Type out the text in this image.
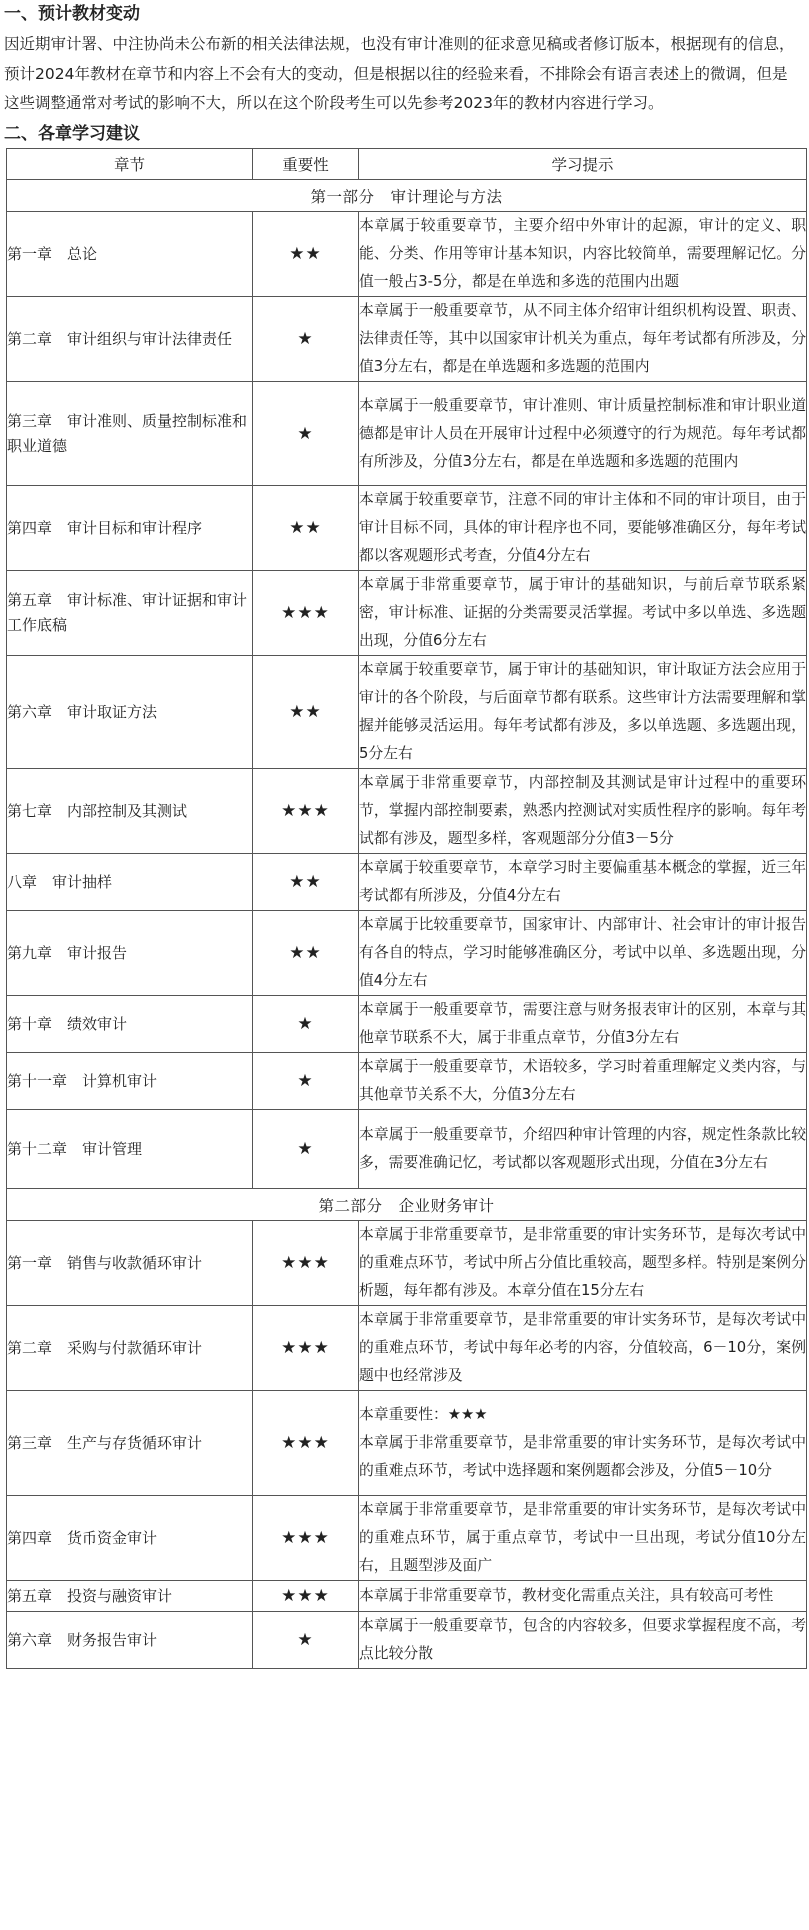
一、预计教材变动

因近期审计署、中注协尚未公布新的相关法律法规，也没有审计准则的征求意见稿或者修订版本，根据现有的信息，预计2024年教材在章节和内容上不会有大的变动，但是根据以往的经验来看，不排除会有语言表述上的微调，但是这些调整通常对考试的影响不大，所以在这个阶段考生可以先参考2023年的教材内容进行学习。

二、各章学习建议
章节	重要性	学习提示
第一部分　审计理论与方法		
第一章　总论	★★	本章属于较重要章节，主要介绍中外审计的起源，审计的定义、职能、分类、作用等审计基本知识，内容比较简单，需要理解记忆。分值一般占3-5分，都是在单选和多选的范围内出题
第二章　审计组织与审计法律责任	★	本章属于一般重要章节，从不同主体介绍审计组织机构设置、职责、法律责任等，其中以国家审计机关为重点，每年考试都有所涉及，分值3分左右，都是在单选题和多选题的范围内
第三章　审计准则、质量控制标准和职业道德	★	本章属于一般重要章节，审计准则、审计质量控制标准和审计职业道德都是审计人员在开展审计过程中必须遵守的行为规范。每年考试都有所涉及，分值3分左右，都是在单选题和多选题的范围内
第四章　审计目标和审计程序	★★	本章属于较重要章节，注意不同的审计主体和不同的审计项目，由于审计目标不同，具体的审计程序也不同，要能够准确区分，每年考试都以客观题形式考查，分值4分左右
第五章　审计标准、审计证据和审计工作底稿	★★★	本章属于非常重要章节，属于审计的基础知识，与前后章节联系紧密，审计标准、证据的分类需要灵活掌握。考试中多以单选、多选题出现，分值6分左右
第六章　审计取证方法	★★	本章属于较重要章节，属于审计的基础知识，审计取证方法会应用于审计的各个阶段，与后面章节都有联系。这些审计方法需要理解和掌握并能够灵活运用。每年考试都有涉及，多以单选题、多选题出现，5分左右
第七章　内部控制及其测试	★★★	本章属于非常重要章节，内部控制及其测试是审计过程中的重要环节，掌握内部控制要素，熟悉内控测试对实质性程序的影响。每年考试都有涉及，题型多样，客观题部分分值3－5分
八章　审计抽样	★★	本章属于较重要章节，本章学习时主要偏重基本概念的掌握，近三年考试都有所涉及，分值4分左右
第九章　审计报告	★★	本章属于比较重要章节，国家审计、内部审计、社会审计的审计报告有各自的特点，学习时能够准确区分，考试中以单、多选题出现，分值4分左右
第十章　绩效审计	★	本章属于一般重要章节，需要注意与财务报表审计的区别，本章与其他章节联系不大，属于非重点章节，分值3分左右
第十一章　计算机审计	★	本章属于一般重要章节，术语较多，学习时着重理解定义类内容，与其他章节关系不大，分值3分左右
第十二章　审计管理	★	本章属于一般重要章节，介绍四种审计管理的内容，规定性条款比较多，需要准确记忆，考试都以客观题形式出现，分值在3分左右
第二部分　企业财务审计		
第一章　销售与收款循环审计	★★★	本章属于非常重要章节，是非常重要的审计实务环节，是每次考试中的重难点环节，考试中所占分值比重较高，题型多样。特别是案例分析题，每年都有涉及。本章分值在15分左右
第二章　采购与付款循环审计	★★★	本章属于非常重要章节，是非常重要的审计实务环节，是每次考试中的重难点环节，考试中每年必考的内容，分值较高，6－10分，案例题中也经常涉及
第三章　生产与存货循环审计	★★★	本章重要性：★★★
本章属于非常重要章节，是非常重要的审计实务环节，是每次考试中的重难点环节，考试中选择题和案例题都会涉及，分值5－10分
第四章　货币资金审计	★★★	本章属于非常重要章节，是非常重要的审计实务环节，是每次考试中的重难点环节，属于重点章节，考试中一旦出现，考试分值10分左右，且题型涉及面广
第五章　投资与融资审计	★★★	本章属于非常重要章节，教材变化需重点关注，具有较高可考性
第六章　财务报告审计	★	本章属于一般重要章节，包含的内容较多，但要求掌握程度不高，考点比较分散
